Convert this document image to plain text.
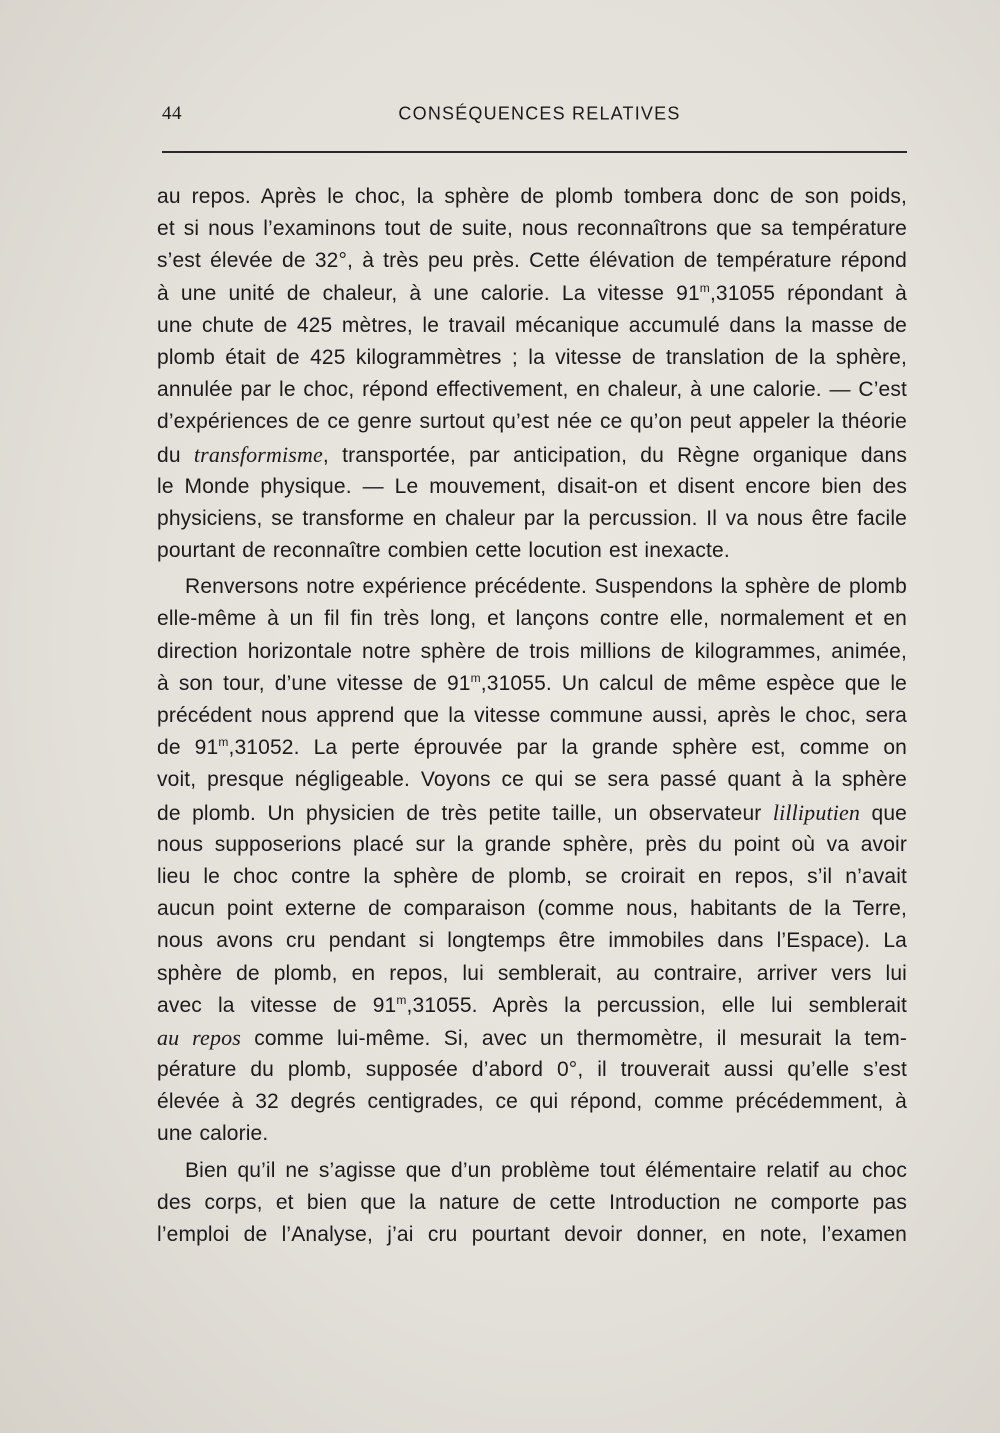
44	CONSÉQUENCES RELATIVES
au repos. Après le choc, la sphère de plomb tombera donc de son poids,
et si nous l’examinons tout de suite, nous reconnaîtrons que sa température
s’est élevée de 32°, à très peu près. Cette élévation de température répond
à une unité de chaleur, à une calorie. La vitesse 91$^m$,31055 répondant à
une chute de 425 mètres, le travail mécanique accumulé dans la masse de
plomb était de 425 kilogrammètres ; la vitesse de translation de la sphère,
annulée par le choc, répond effectivement, en chaleur, à une calorie. — C’est
d’expériences de ce genre surtout qu’est née ce qu’on peut appeler la théorie
du transformisme, transportée, par anticipation, du Règne organique dans
le Monde physique. — Le mouvement, disait-on et disent encore bien des
physiciens, se transforme en chaleur par la percussion. Il va nous être facile
pourtant de reconnaître combien cette locution est inexacte.
Renversons notre expérience précédente. Suspendons la sphère de plomb
elle-même à un fil fin très long, et lançons contre elle, normalement et en
direction horizontale notre sphère de trois millions de kilogrammes, animée,
à son tour, d’une vitesse de 91$^m$,31055. Un calcul de même espèce que le
précédent nous apprend que la vitesse commune aussi, après le choc, sera
de 91$^m$,31052. La perte éprouvée par la grande sphère est, comme on
voit, presque négligeable. Voyons ce qui se sera passé quant à la sphère
de plomb. Un physicien de très petite taille, un observateur lilliputien que
nous supposerions placé sur la grande sphère, près du point où va avoir
lieu le choc contre la sphère de plomb, se croirait en repos, s’il n’avait
aucun point externe de comparaison (comme nous, habitants de la Terre,
nous avons cru pendant si longtemps être immobiles dans l’Espace). La
sphère de plomb, en repos, lui semblerait, au contraire, arriver vers lui
avec la vitesse de 91$^m$,31055. Après la percussion, elle lui semblerait
au repos comme lui-même. Si, avec un thermomètre, il mesurait la tem-
pérature du plomb, supposée d’abord 0°, il trouverait aussi qu’elle s’est
élevée à 32 degrés centigrades, ce qui répond, comme précédemment, à
une calorie.
Bien qu’il ne s’agisse que d’un problème tout élémentaire relatif au choc
des corps, et bien que la nature de cette Introduction ne comporte pas
l’emploi de l’Analyse, j’ai cru pourtant devoir donner, en note, l’examen
